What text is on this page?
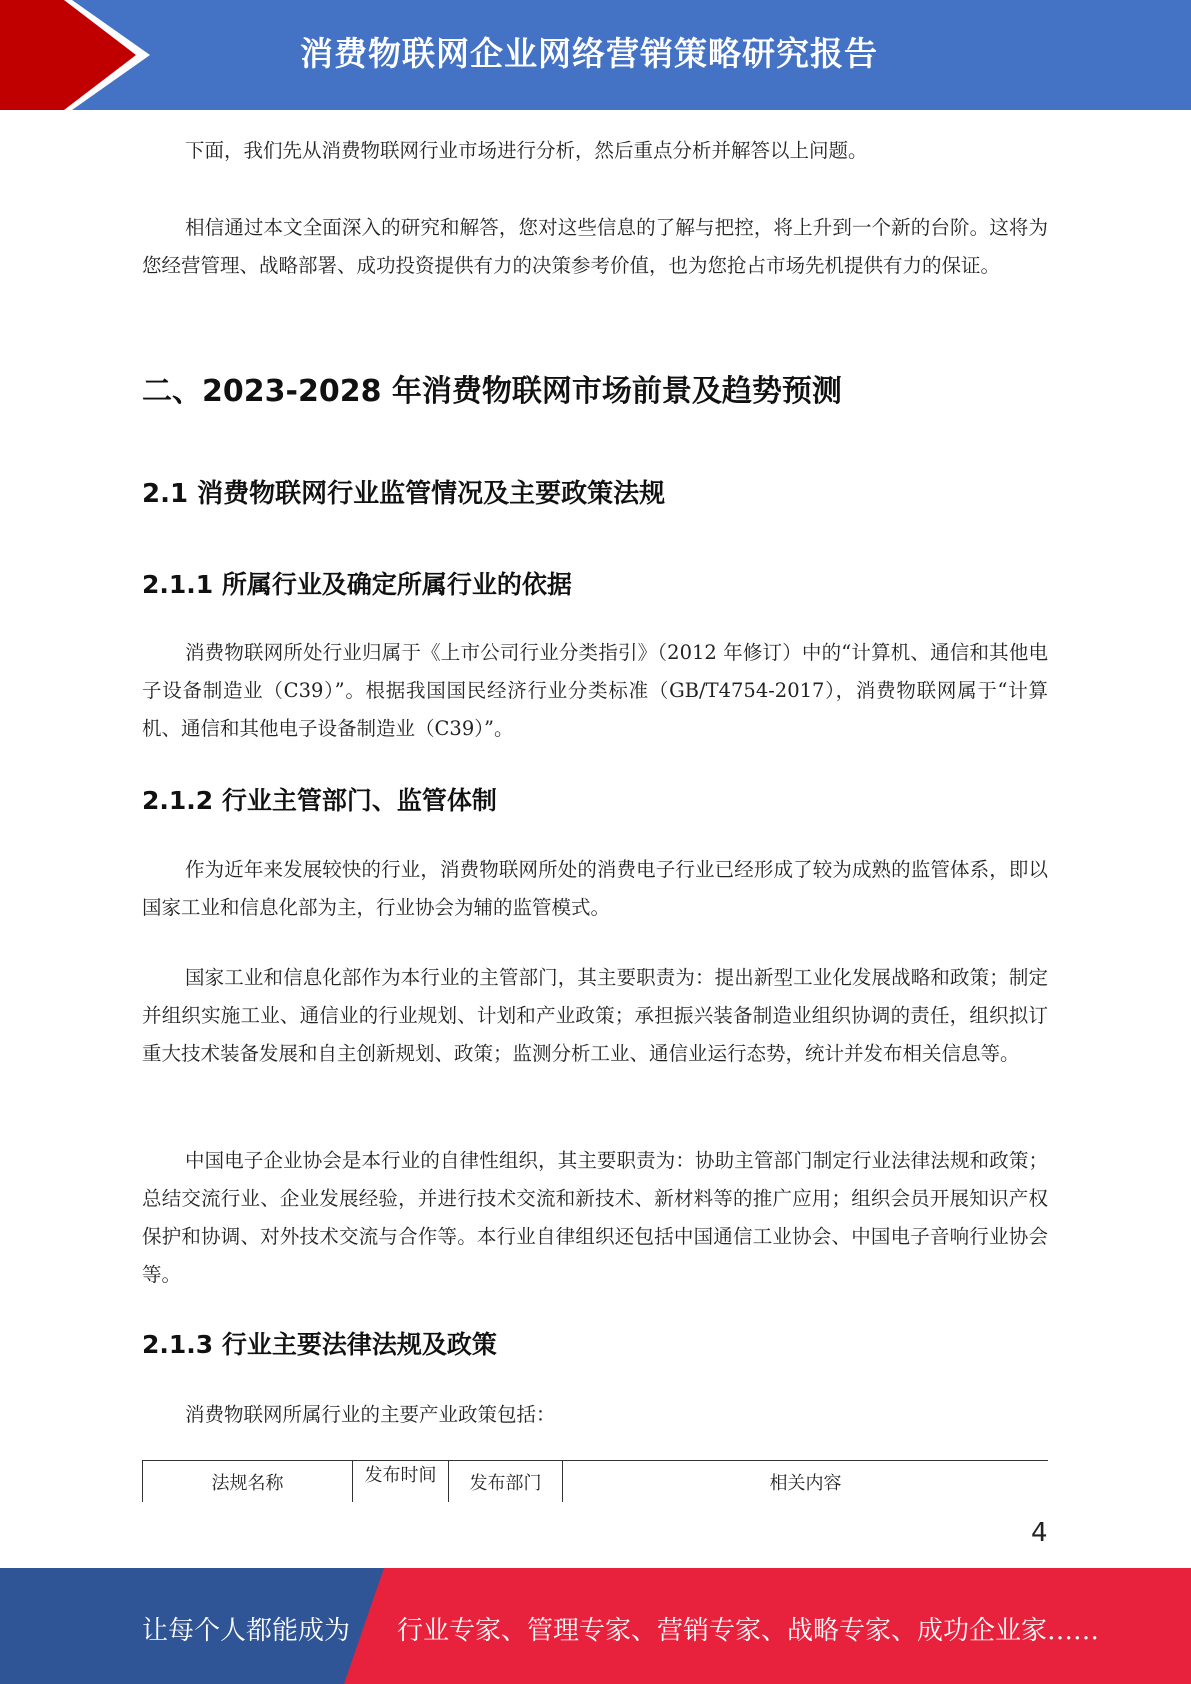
消费物联网企业网络营销策略研究报告

下面，我们先从消费物联网行业市场进行分析，然后重点分析并解答以上问题。

相信通过本文全面深入的研究和解答，您对这些信息的了解与把控，将上升到一个新的台阶。这将为您经营管理、战略部署、成功投资提供有力的决策参考价值，也为您抢占市场先机提供有力的保证。

二、2023-2028 年消费物联网市场前景及趋势预测
2.1 消费物联网行业监管情况及主要政策法规
2.1.1 所属行业及确定所属行业的依据

消费物联网所处行业归属于《上市公司行业分类指引》（2012 年修订）中的“计算机、通信和其他电子设备制造业（C39）”。根据我国国民经济行业分类标准（GB/T4754-2017），消费物联网属于“计算机、通信和其他电子设备制造业（C39）”。

2.1.2 行业主管部门、监管体制

作为近年来发展较快的行业，消费物联网所处的消费电子行业已经形成了较为成熟的监管体系，即以国家工业和信息化部为主，行业协会为辅的监管模式。

国家工业和信息化部作为本行业的主管部门，其主要职责为：提出新型工业化发展战略和政策；制定并组织实施工业、通信业的行业规划、计划和产业政策；承担振兴装备制造业组织协调的责任，组织拟订重大技术装备发展和自主创新规划、政策；监测分析工业、通信业运行态势，统计并发布相关信息等。

中国电子企业协会是本行业的自律性组织，其主要职责为：协助主管部门制定行业法律法规和政策；总结交流行业、企业发展经验，并进行技术交流和新技术、新材料等的推广应用；组织会员开展知识产权保护和协调、对外技术交流与合作等。本行业自律组织还包括中国通信工业协会、中国电子音响行业协会等。

2.1.3 行业主要法律法规及政策

消费物联网所属行业的主要产业政策包括：

法规名称	发布时间	发布部门	相关内容
4
让每个人都能成为 行业专家、管理专家、营销专家、战略专家、成功企业家……
